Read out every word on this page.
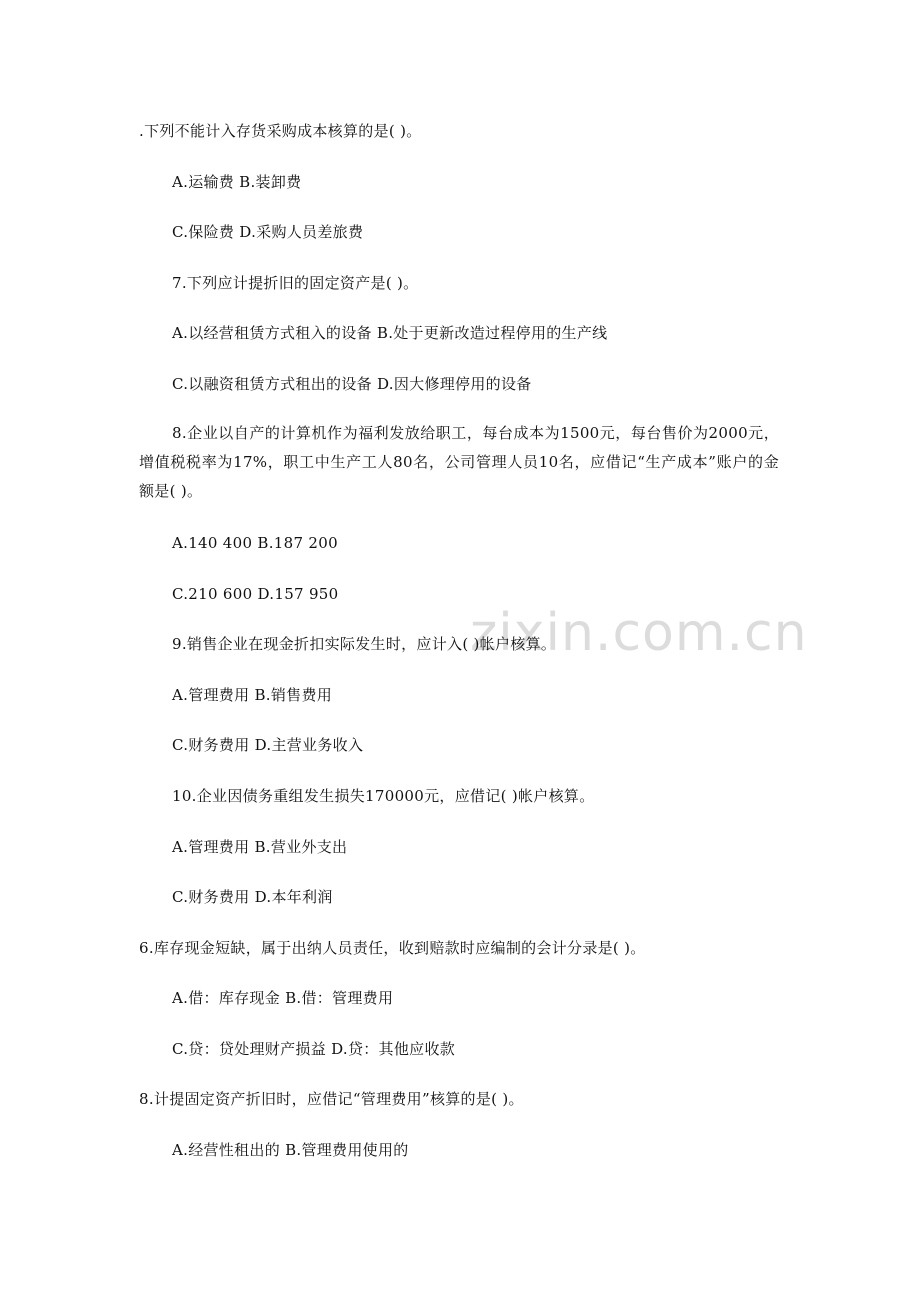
zixin.com.cn
.下列不能计入存货采购成本核算的是( )。
A.运输费 B.装卸费
C.保险费 D.采购人员差旅费
7.下列应计提折旧的固定资产是( )。
A.以经营租赁方式租入的设备 B.处于更新改造过程停用的生产线
C.以融资租赁方式租出的设备 D.因大修理停用的设备
8.企业以自产的计算机作为福利发放给职工，每台成本为1500元，每台售价为2000元，增值税税率为17%，职工中生产工人80名，公司管理人员10名，应借记“生产成本”账户的金额是( )。
A.140 400 B.187 200
C.210 600 D.157 950
9.销售企业在现金折扣实际发生时，应计入( )帐户核算。
A.管理费用 B.销售费用
C.财务费用 D.主营业务收入
10.企业因债务重组发生损失170000元，应借记( )帐户核算。
A.管理费用 B.营业外支出
C.财务费用 D.本年利润
6.库存现金短缺，属于出纳人员责任，收到赔款时应编制的会计分录是( )。
A.借：库存现金 B.借：管理费用
C.贷：贷处理财产损益 D.贷：其他应收款
8.计提固定资产折旧时，应借记“管理费用”核算的是( )。
A.经营性租出的 B.管理费用使用的
